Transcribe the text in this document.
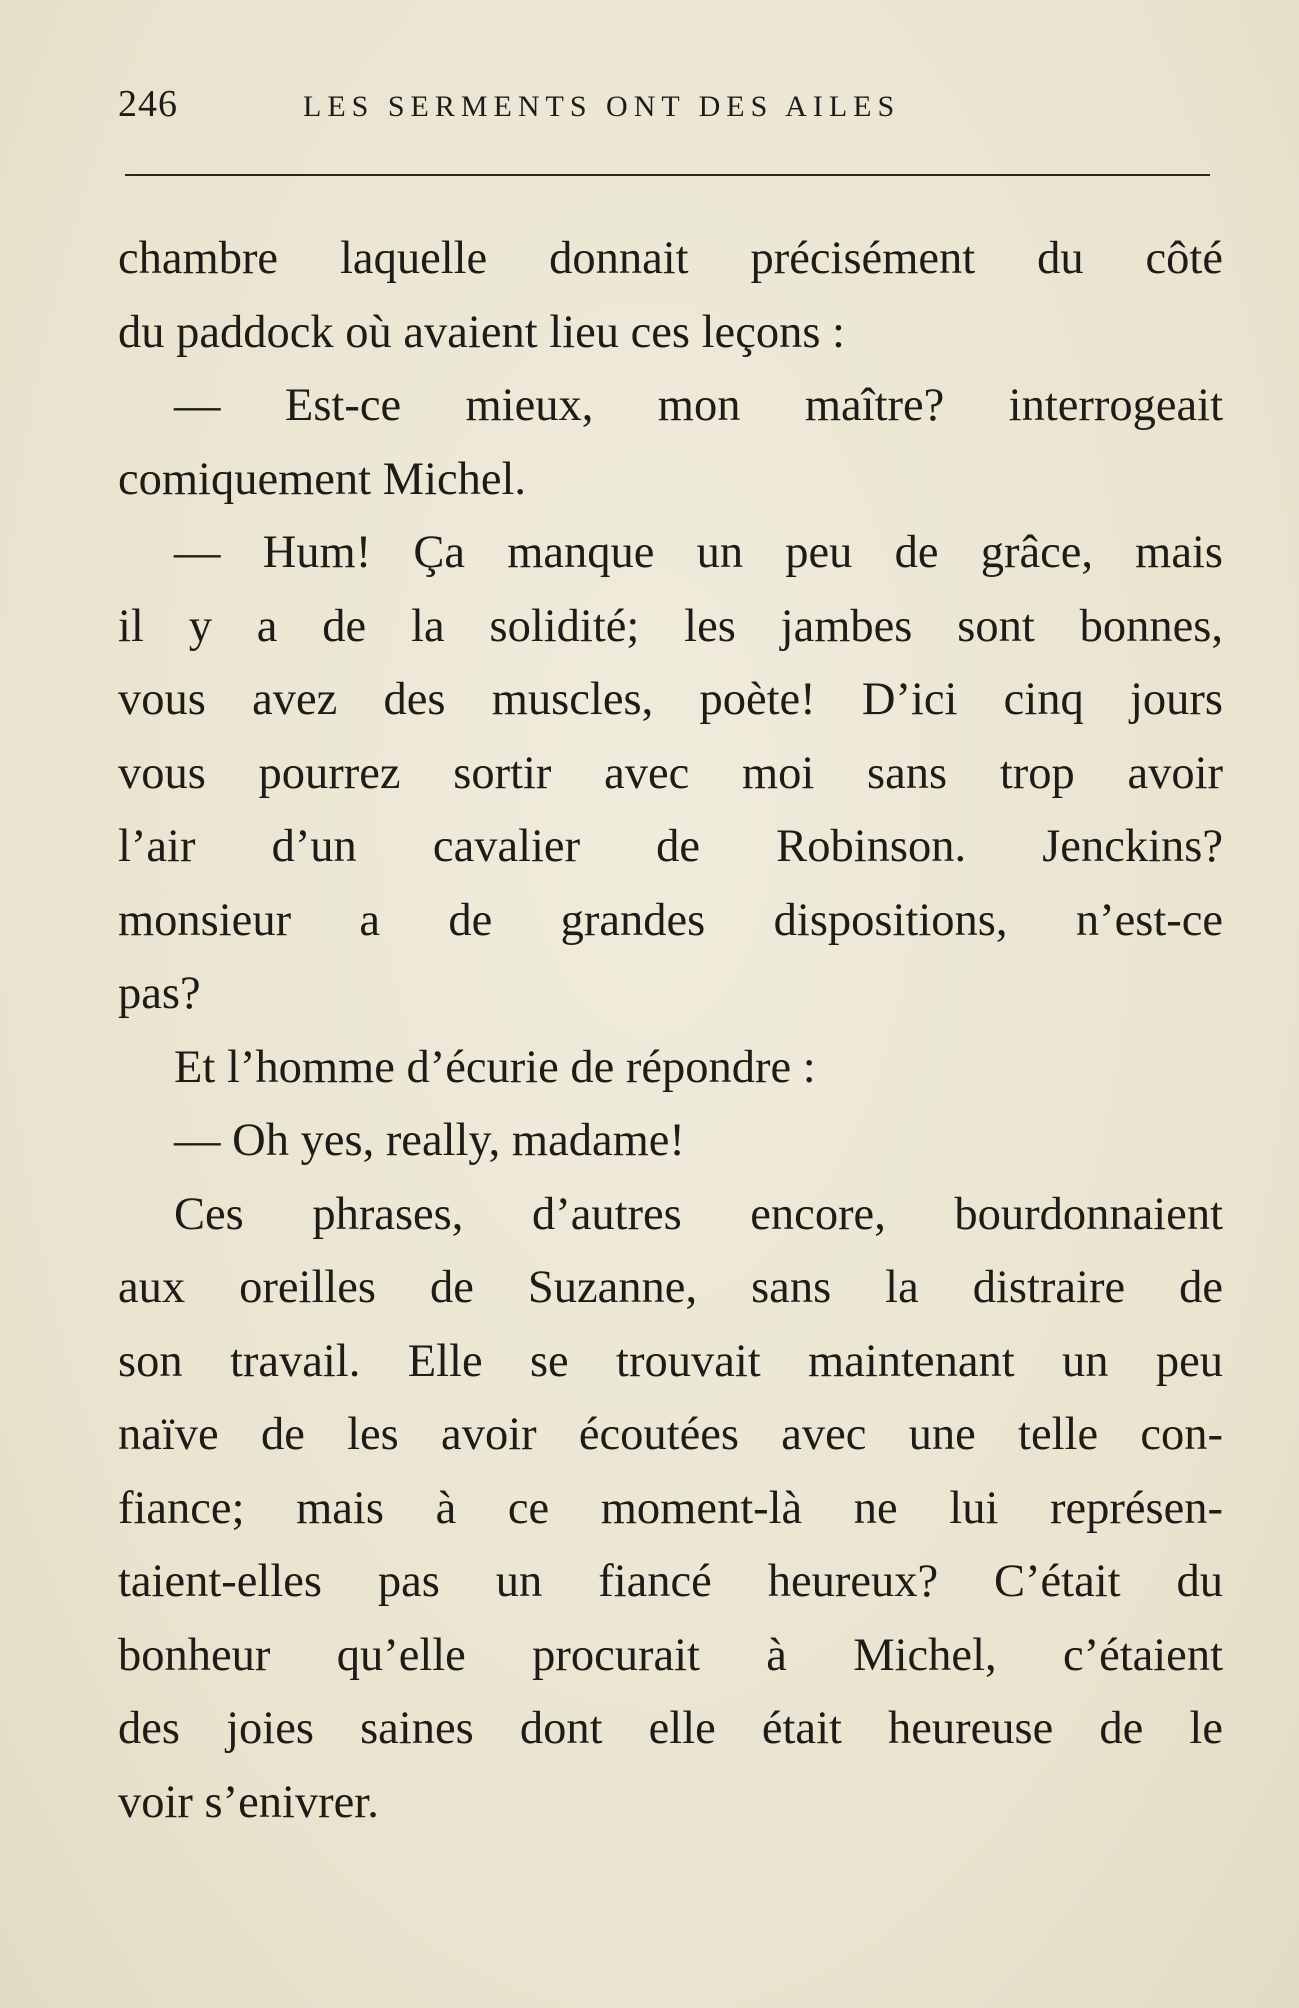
246	LES SERMENTS ONT DES AILES
chambre laquelle donnait précisément du côté
du paddock où avaient lieu ces leçons :
— Est-ce mieux, mon maître? interrogeait
comiquement Michel.
— Hum! Ça manque un peu de grâce, mais
il y a de la solidité; les jambes sont bonnes,
vous avez des muscles, poète! D’ici cinq jours
vous pourrez sortir avec moi sans trop avoir
l’air d’un cavalier de Robinson. Jenckins?
monsieur a de grandes dispositions, n’est-ce
pas?
Et l’homme d’écurie de répondre :
— Oh yes, really, madame!
Ces phrases, d’autres encore, bourdonnaient
aux oreilles de Suzanne, sans la distraire de
son travail. Elle se trouvait maintenant un peu
naïve de les avoir écoutées avec une telle con-
fiance; mais à ce moment-là ne lui représen-
taient-elles pas un fiancé heureux? C’était du
bonheur qu’elle procurait à Michel, c’étaient
des joies saines dont elle était heureuse de le
voir s’enivrer.
